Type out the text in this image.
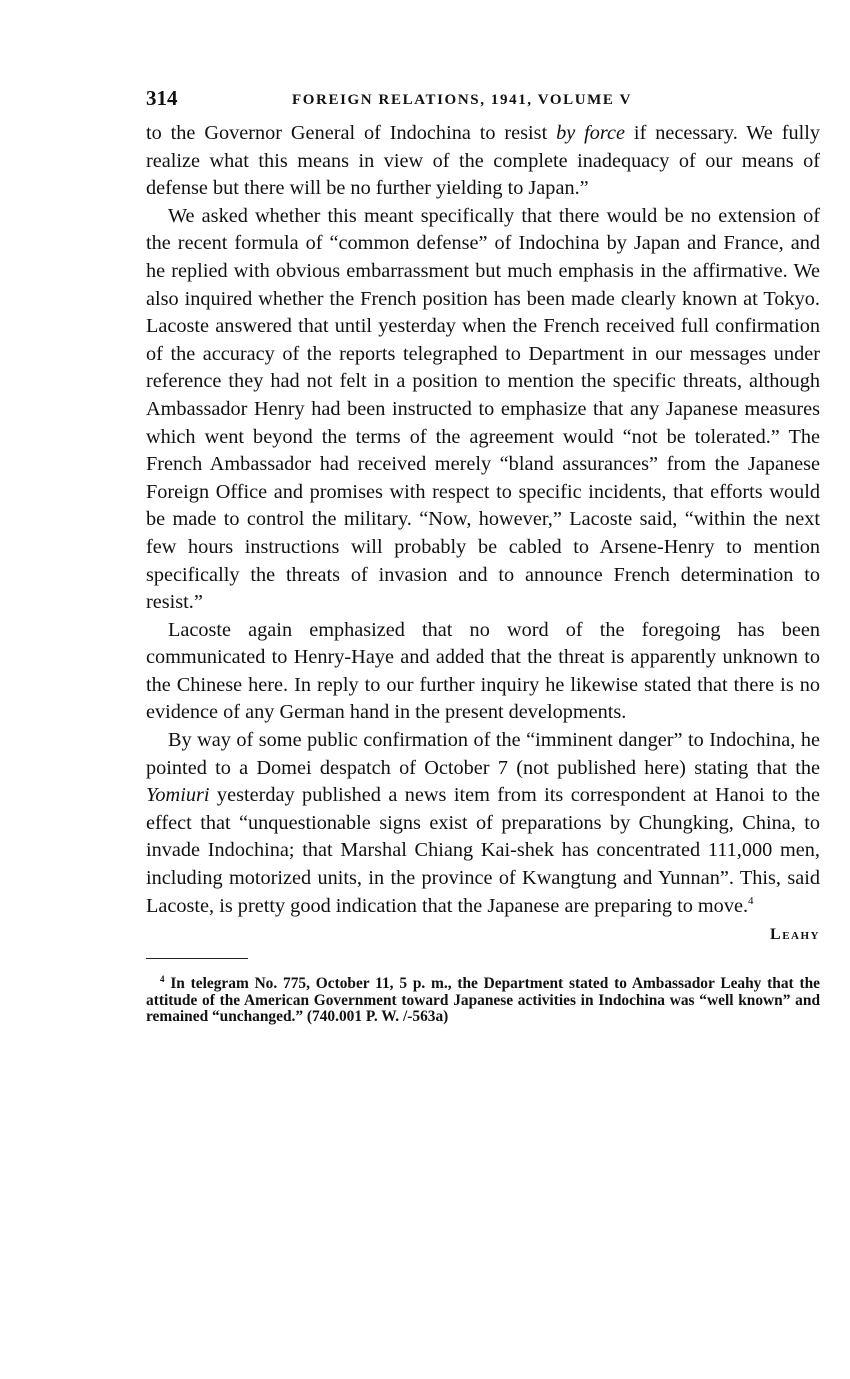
314	FOREIGN RELATIONS, 1941, VOLUME V

to the Governor General of Indochina to resist by force if necessary. We fully realize what this means in view of the complete inadequacy of our means of defense but there will be no further yielding to Japan.”

We asked whether this meant specifically that there would be no extension of the recent formula of “common defense” of Indochina by Japan and France, and he replied with obvious embarrassment but much emphasis in the affirmative. We also inquired whether the French position has been made clearly known at Tokyo. Lacoste answered that until yesterday when the French received full confirmation of the accuracy of the reports telegraphed to Department in our messages under reference they had not felt in a position to mention the specific threats, although Ambassador Henry had been instructed to emphasize that any Japanese measures which went beyond the terms of the agreement would “not be tolerated.” The French Ambassador had received merely “bland assurances” from the Japanese Foreign Office and promises with respect to specific incidents, that efforts would be made to control the military. “Now, however,” Lacoste said, “within the next few hours instructions will probably be cabled to Arsene-Henry to mention specifically the threats of invasion and to announce French determination to resist.”

Lacoste again emphasized that no word of the foregoing has been communicated to Henry-Haye and added that the threat is apparently unknown to the Chinese here. In reply to our further inquiry he likewise stated that there is no evidence of any German hand in the present developments.

By way of some public confirmation of the “imminent danger” to Indochina, he pointed to a Domei despatch of October 7 (not published here) stating that the Yomiuri yesterday published a news item from its correspondent at Hanoi to the effect that “unquestionable signs exist of preparations by Chungking, China, to invade Indochina; that Marshal Chiang Kai-shek has concentrated 111,000 men, including motorized units, in the province of Kwangtung and Yunnan”. This, said Lacoste, is pretty good indication that the Japanese are preparing to move.$^4$

Leahy

$^4$ In telegram No. 775, October 11, 5 p. m., the Department stated to Ambassador Leahy that the attitude of the American Government toward Japanese activities in Indochina was “well known” and remained “unchanged.” (740.001 P. W. /-563a)
